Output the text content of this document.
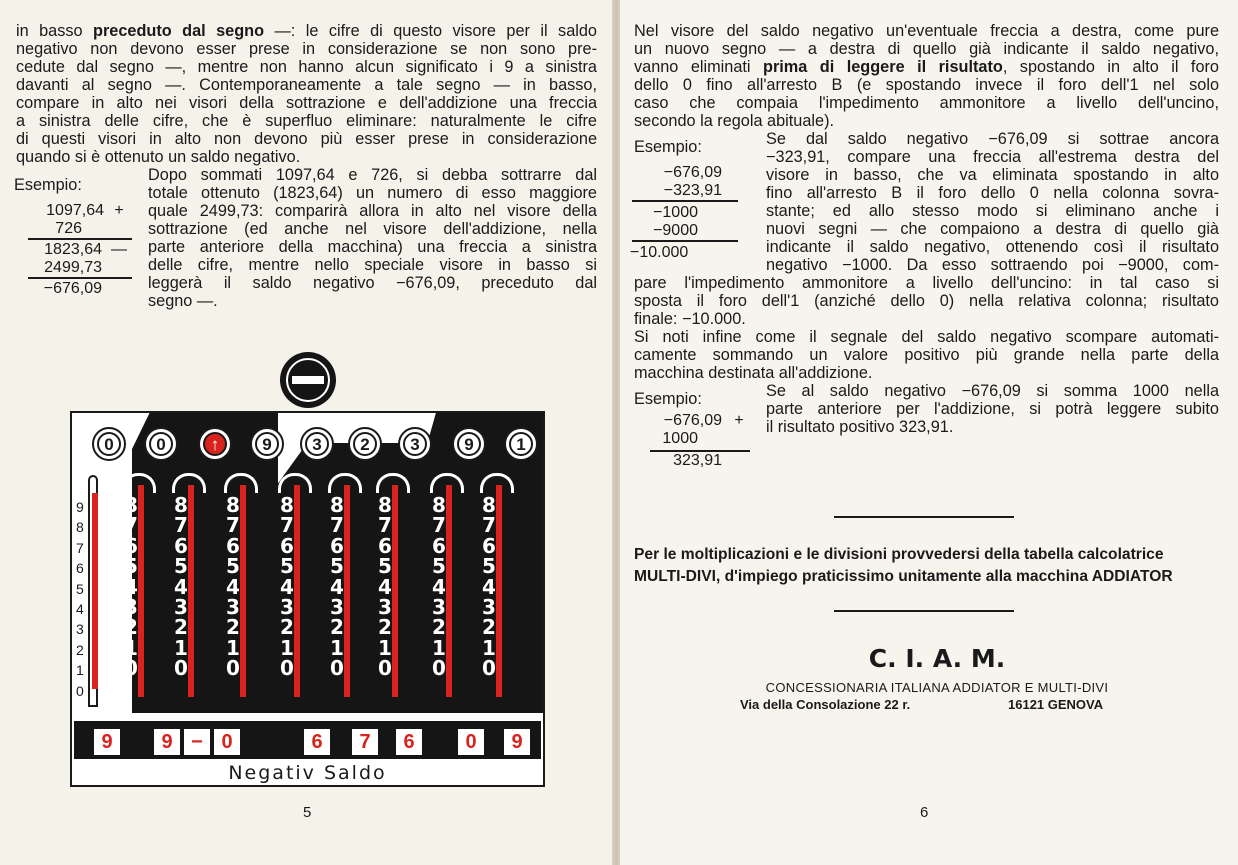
in basso preceduto dal segno —: le cifre di questo visore per il saldo
negativo non devono esser prese in considerazione se non sono pre-
cedute dal segno —, mentre non hanno alcun significato i 9 a sinistra
davanti al segno —. Contemporaneamente a tale segno — in basso,
compare in alto nei visori della sottrazione e dell'addizione una freccia
a sinistra delle cifre, che è superfluo eliminare: naturalmente le cifre
di questi visori in alto non devono più esser prese in considerazione
quando si è ottenuto un saldo negativo.
Esempio:
1097,64 +
726
1823,64 —
2499,73
−676,09
Dopo sommati 1097,64 e 726, si debba sottrarre dal
totale ottenuto (1823,64) un numero di esso maggiore
quale 2499,73: comparirà allora in alto nel visore della
sottrazione (ed anche nel visore dell'addizione, nella
parte anteriore della macchina) una freccia a sinistra
delle cifre, mentre nello speciale visore in basso si
leggerà il saldo negativo −676,09, preceduto dal
segno —.
0	0	↑	9	3	2	3	9	1
9
8
7
6
5
4
3
2
1
0
8
7
6
5
4
3
2
1
0
8
7
6
5
4
3
2
1
0
8
7
6
5
4
3
2
1
0
8
7
6
5
4
3
2
1
0
8
7
6
5
4
3
2
1
0
8
7
6
5
4
3
2
1
0
8
7
6
5
4
3
2
1
0
8
7
6
5
4
3
2
1
0
9	9 − 0	6	7	6	0	9
Negativ Saldo
5
Nel visore del saldo negativo un'eventuale freccia a destra, come pure
un nuovo segno — a destra di quello già indicante il saldo negativo,
vanno eliminati prima di leggere il risultato, spostando in alto il foro
dello 0 fino all'arresto B (e spostando invece il foro dell'1 nel solo
caso che compaia l'impedimento ammonitore a livello dell'uncino,
secondo la regola abituale).
Esempio:
−676,09
−323,91
−1000
−9000
−10.000
Se dal saldo negativo −676,09 si sottrae ancora
−323,91, compare una freccia all'estrema destra del
visore in basso, che va eliminata spostando in alto
fino all'arresto B il foro dello 0 nella colonna sovra-
stante; ed allo stesso modo si eliminano anche i
nuovi segni — che compaiono a destra di quello già
indicante il saldo negativo, ottenendo così il risultato
negativo −1000. Da esso sottraendo poi −9000, com-
pare l'impedimento ammonitore a livello dell'uncino: in tal caso si
sposta il foro dell'1 (anziché dello 0) nella relativa colonna; risultato
finale: −10.000.
Si noti infine come il segnale del saldo negativo scompare automati-
camente sommando un valore positivo più grande nella parte della
macchina destinata all'addizione.
Esempio:
−676,09 +
1000
323,91
Se al saldo negativo −676,09 si somma 1000 nella
parte anteriore per l'addizione, si potrà leggere subito
il risultato positivo 323,91.
Per le moltiplicazioni e le divisioni provvedersi della tabella calcolatrice
MULTI-DIVI, d'impiego praticissimo unitamente alla macchina ADDIATOR
C. I. A. M.
CONCESSIONARIA ITALIANA ADDIATOR E MULTI-DIVI
Via della Consolazione 22 r.	16121 GENOVA
6
